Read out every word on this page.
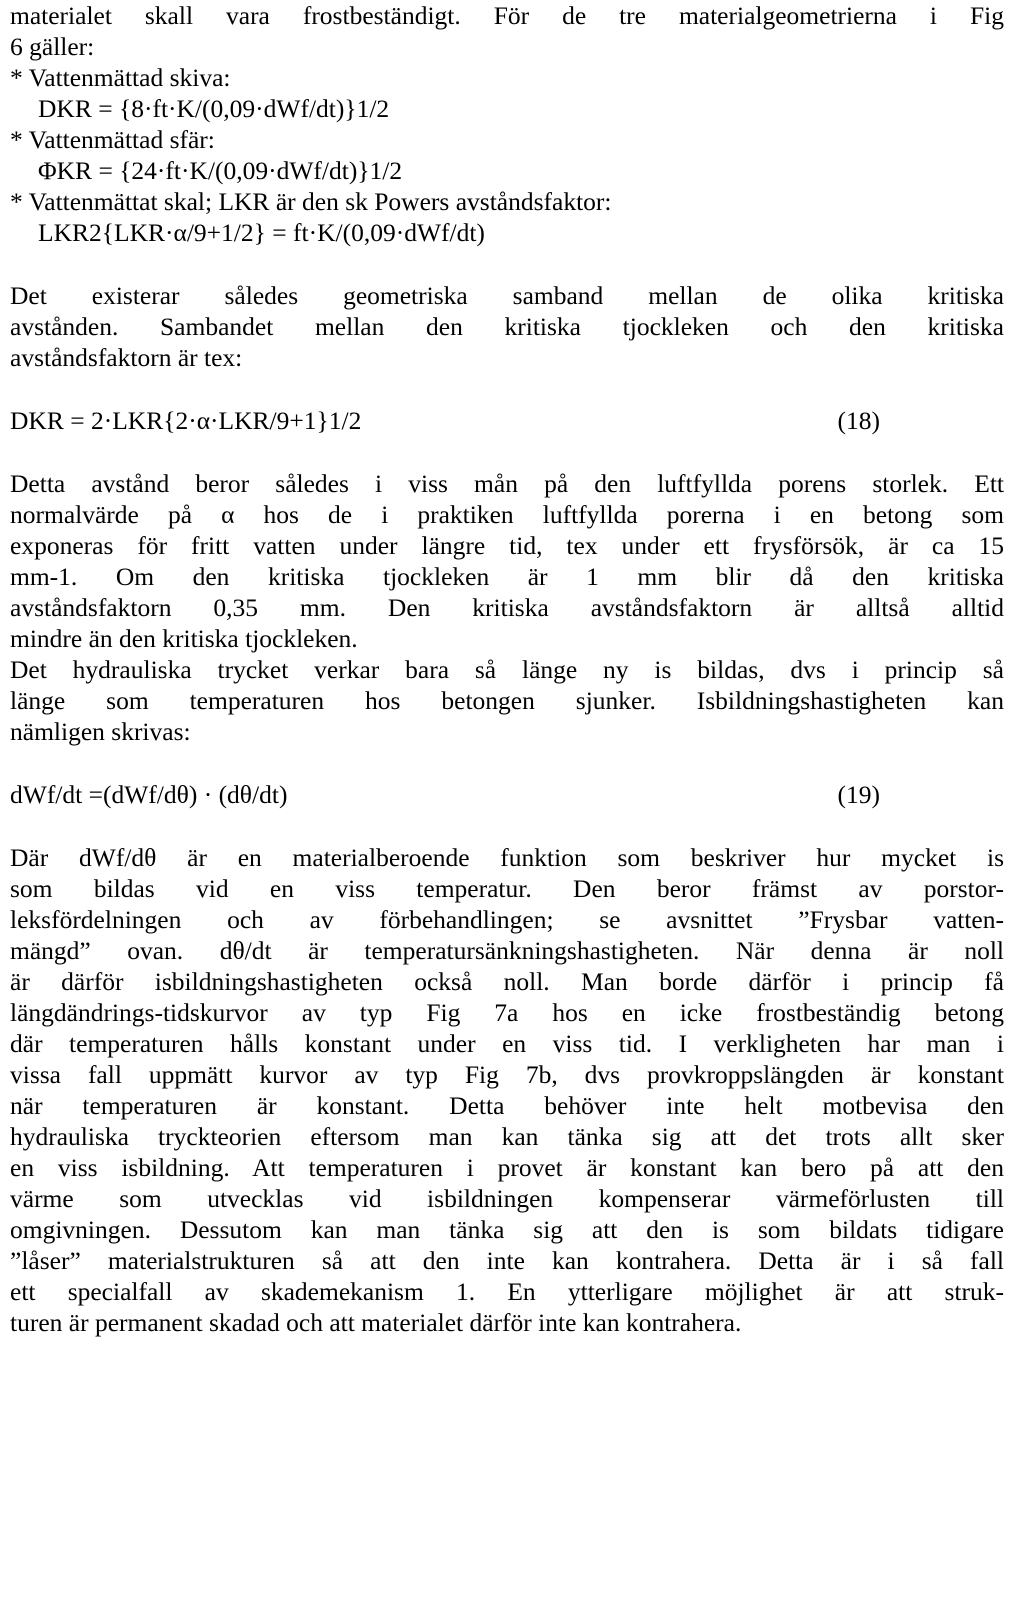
materialet skall vara frostbeständigt. För de tre materialgeometrierna i Fig
6 gäller:
* Vattenmättad skiva:
DKR = {8·ft·K/(0,09·dWf/dt)}1/2
* Vattenmättad sfär:
ΦKR = {24·ft·K/(0,09·dWf/dt)}1/2
* Vattenmättat skal; LKR är den sk Powers avståndsfaktor:
LKR2{LKR·α/9+1/2} = ft·K/(0,09·dWf/dt)
Det existerar således geometriska samband mellan de olika kritiska
avstånden. Sambandet mellan den kritiska tjockleken och den kritiska
avståndsfaktorn är tex:
DKR = 2·LKR{2·α·LKR/9+1}1/2	(18)
Detta avstånd beror således i viss mån på den luftfyllda porens storlek. Ett
normalvärde på α hos de i praktiken luftfyllda porerna i en betong som
exponeras för fritt vatten under längre tid, tex under ett frysförsök, är ca 15
mm-1. Om den kritiska tjockleken är 1 mm blir då den kritiska
avståndsfaktorn 0,35 mm. Den kritiska avståndsfaktorn är alltså alltid
mindre än den kritiska tjockleken.
Det hydrauliska trycket verkar bara så länge ny is bildas, dvs i princip så
länge som temperaturen hos betongen sjunker. Isbildningshastigheten kan
nämligen skrivas:
dWf/dt =(dWf/dθ) · (dθ/dt)	(19)
Där dWf/dθ är en materialberoende funktion som beskriver hur mycket is
som bildas vid en viss temperatur. Den beror främst av porstor-
leksfördelningen och av förbehandlingen; se avsnittet ”Frysbar vatten-
mängd” ovan. dθ/dt är temperatursänkningshastigheten. När denna är noll
är därför isbildningshastigheten också noll. Man borde därför i princip få
längdändrings-tidskurvor av typ Fig 7a hos en icke frostbeständig betong
där temperaturen hålls konstant under en viss tid. I verkligheten har man i
vissa fall uppmätt kurvor av typ Fig 7b, dvs provkroppslängden är konstant
när temperaturen är konstant. Detta behöver inte helt motbevisa den
hydrauliska tryckteorien eftersom man kan tänka sig att det trots allt sker
en viss isbildning. Att temperaturen i provet är konstant kan bero på att den
värme som utvecklas vid isbildningen kompenserar värmeförlusten till
omgivningen. Dessutom kan man tänka sig att den is som bildats tidigare
”låser” materialstrukturen så att den inte kan kontrahera. Detta är i så fall
ett specialfall av skademekanism 1. En ytterligare möjlighet är att struk-
turen är permanent skadad och att materialet därför inte kan kontrahera.
